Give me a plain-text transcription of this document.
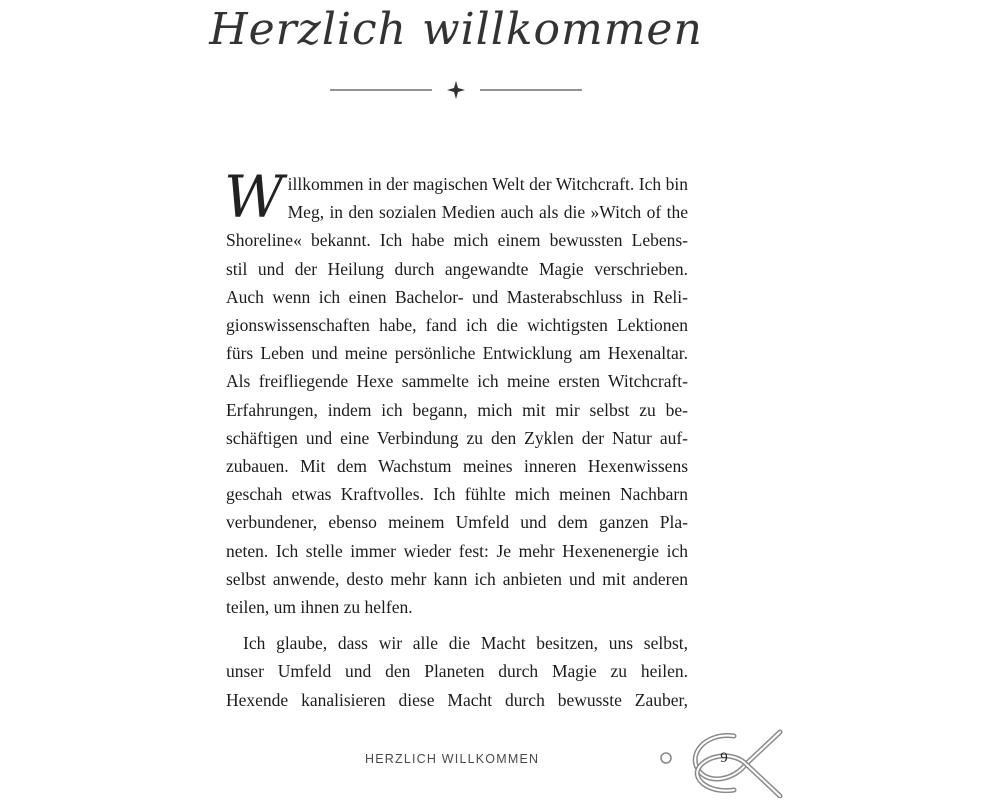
Herzlich willkommen
W illkommen in der magischen Welt der Witchcraft. Ich bin
Meg, in den sozialen Medien auch als die »Witch of the
Shoreline« bekannt. Ich habe mich einem bewussten Lebens-
stil und der Heilung durch angewandte Magie verschrieben.
Auch wenn ich einen Bachelor- und Masterabschluss in Reli-
gionswissenschaften habe, fand ich die wichtigsten Lektionen
fürs Leben und meine persönliche Entwicklung am Hexenaltar.
Als freifliegende Hexe sammelte ich meine ersten Witchcraft-
Erfahrungen, indem ich begann, mich mit mir selbst zu be-
schäftigen und eine Verbindung zu den Zyklen der Natur auf-
zubauen. Mit dem Wachstum meines inneren Hexenwissens
geschah etwas Kraftvolles. Ich fühlte mich meinen Nachbarn
verbundener, ebenso meinem Umfeld und dem ganzen Pla-
neten. Ich stelle immer wieder fest: Je mehr Hexenenergie ich
selbst anwende, desto mehr kann ich anbieten und mit anderen
teilen, um ihnen zu helfen.
Ich glaube, dass wir alle die Macht besitzen, uns selbst,
unser Umfeld und den Planeten durch Magie zu heilen.
Hexende kanalisieren diese Macht durch bewusste Zauber,
HERZLICH WILLKOMMEN	9
